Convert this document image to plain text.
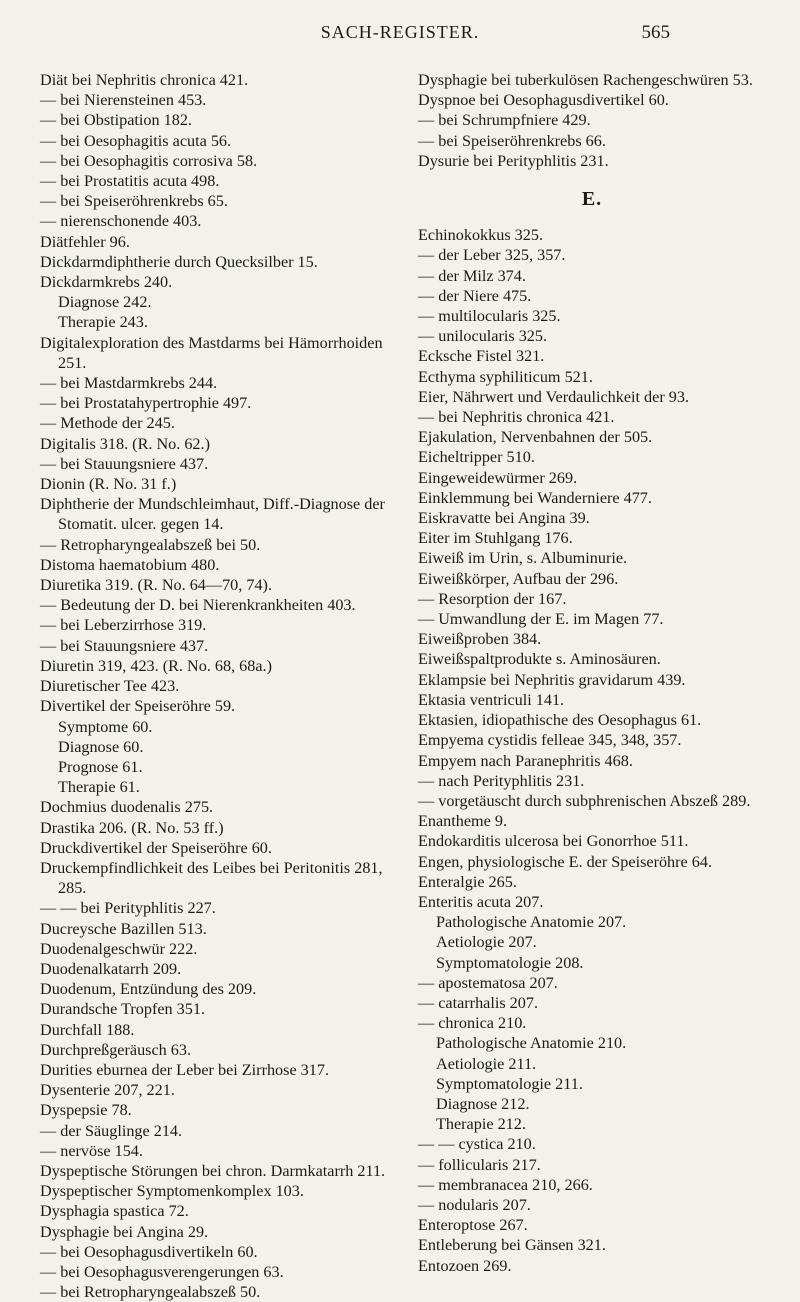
SACH-REGISTER.	565
Diät bei Nephritis chronica 421.
— bei Nierensteinen 453.
— bei Obstipation 182.
— bei Oesophagitis acuta 56.
— bei Oesophagitis corrosiva 58.
— bei Prostatitis acuta 498.
— bei Speiseröhrenkrebs 65.
— nierenschonende 403.
Diätfehler 96.
Dickdarmdiphtherie durch Quecksilber 15.
Dickdarmkrebs 240.
Diagnose 242.
Therapie 243.
Digitalexploration des Mastdarms bei Hämorrhoiden 251.
— bei Mastdarmkrebs 244.
— bei Prostatahypertrophie 497.
— Methode der 245.
Digitalis 318. (R. No. 62.)
— bei Stauungsniere 437.
Dionin (R. No. 31 f.)
Diphtherie der Mundschleimhaut, Diff.-Diagnose der Stomatit. ulcer. gegen 14.
— Retropharyngealabszeß bei 50.
Distoma haematobium 480.
Diuretika 319. (R. No. 64—70, 74).
— Bedeutung der D. bei Nierenkrankheiten 403.
— bei Leberzirrhose 319.
— bei Stauungsniere 437.
Diuretin 319, 423. (R. No. 68, 68a.)
Diuretischer Tee 423.
Divertikel der Speiseröhre 59.
Symptome 60.
Diagnose 60.
Prognose 61.
Therapie 61.
Dochmius duodenalis 275.
Drastika 206. (R. No. 53 ff.)
Druckdivertikel der Speiseröhre 60.
Druckempfindlichkeit des Leibes bei Peritonitis 281, 285.
— — bei Perityphlitis 227.
Ducreysche Bazillen 513.
Duodenalgeschwür 222.
Duodenalkatarrh 209.
Duodenum, Entzündung des 209.
Durandsche Tropfen 351.
Durchfall 188.
Durchpreßgeräusch 63.
Durities eburnea der Leber bei Zirrhose 317.
Dysenterie 207, 221.
Dyspepsie 78.
— der Säuglinge 214.
— nervöse 154.
Dyspeptische Störungen bei chron. Darmkatarrh 211.
Dyspeptischer Symptomenkomplex 103.
Dysphagia spastica 72.
Dysphagie bei Angina 29.
— bei Oesophagusdivertikeln 60.
— bei Oesophagusverengerungen 63.
— bei Retropharyngealabszeß 50.
Dysphagie bei tuberkulösen Rachengeschwüren 53.
Dyspnoe bei Oesophagusdivertikel 60.
— bei Schrumpfniere 429.
— bei Speiseröhrenkrebs 66.
Dysurie bei Perityphlitis 231.
E.
Echinokokkus 325.
— der Leber 325, 357.
— der Milz 374.
— der Niere 475.
— multilocularis 325.
— unilocularis 325.
Ecksche Fistel 321.
Ecthyma syphiliticum 521.
Eier, Nährwert und Verdaulichkeit der 93.
— bei Nephritis chronica 421.
Ejakulation, Nervenbahnen der 505.
Eicheltripper 510.
Eingeweidewürmer 269.
Einklemmung bei Wanderniere 477.
Eiskravatte bei Angina 39.
Eiter im Stuhlgang 176.
Eiweiß im Urin, s. Albuminurie.
Eiweißkörper, Aufbau der 296.
— Resorption der 167.
— Umwandlung der E. im Magen 77.
Eiweißproben 384.
Eiweißspaltprodukte s. Aminosäuren.
Eklampsie bei Nephritis gravidarum 439.
Ektasia ventriculi 141.
Ektasien, idiopathische des Oesophagus 61.
Empyema cystidis felleae 345, 348, 357.
Empyem nach Paranephritis 468.
— nach Perityphlitis 231.
— vorgetäuscht durch subphrenischen Abszeß 289.
Enantheme 9.
Endokarditis ulcerosa bei Gonorrhoe 511.
Engen, physiologische E. der Speiseröhre 64.
Enteralgie 265.
Enteritis acuta 207.
Pathologische Anatomie 207.
Aetiologie 207.
Symptomatologie 208.
— apostematosa 207.
— catarrhalis 207.
— chronica 210.
Pathologische Anatomie 210.
Aetiologie 211.
Symptomatologie 211.
Diagnose 212.
Therapie 212.
— — cystica 210.
— follicularis 217.
— membranacea 210, 266.
— nodularis 207.
Enteroptose 267.
Entleberung bei Gänsen 321.
Entozoen 269.
